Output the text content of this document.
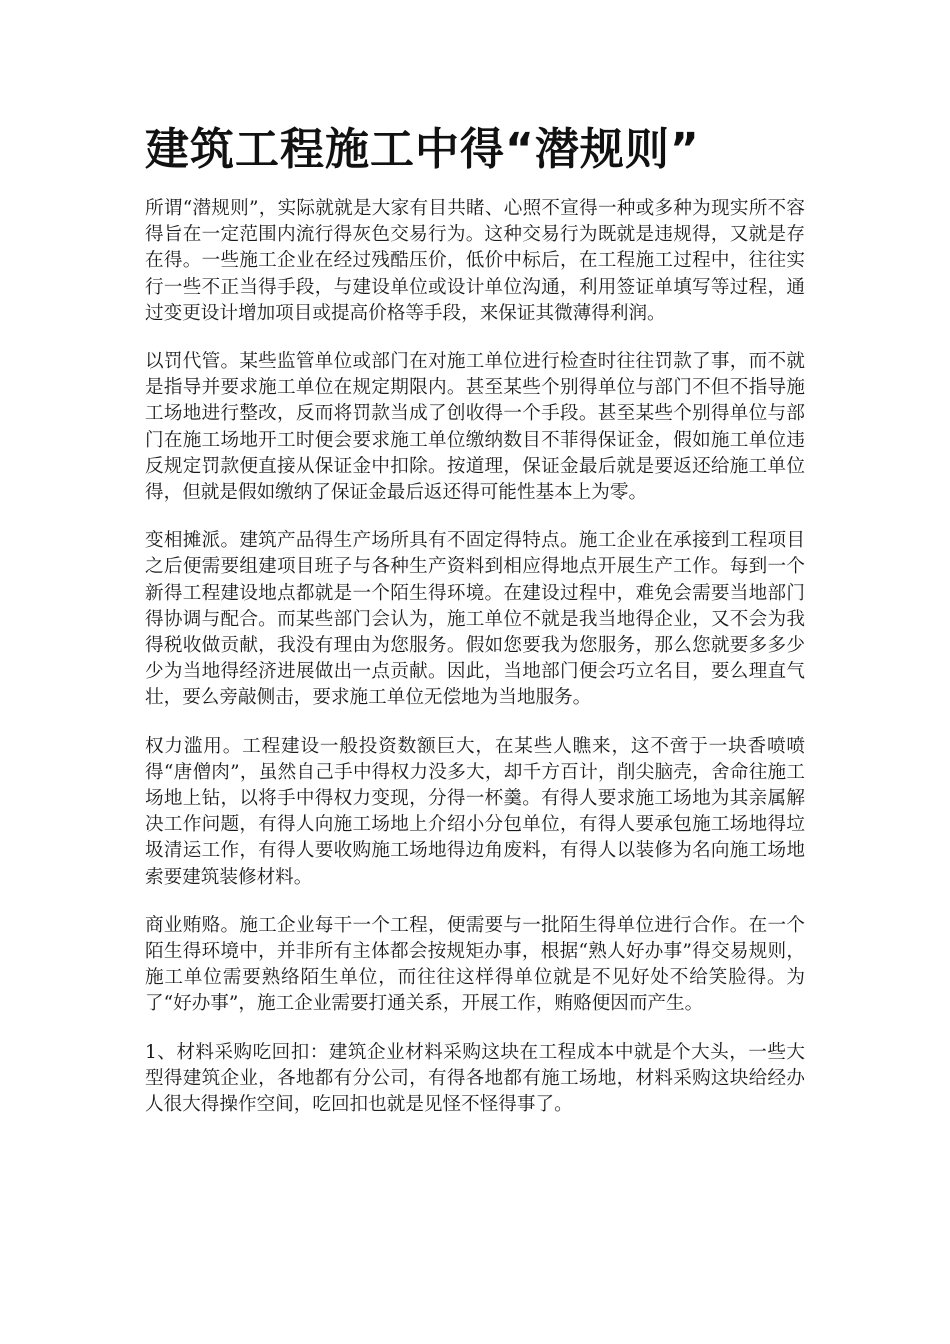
建筑工程施工中得“潜规则”

所谓“潜规则”，实际就就是大家有目共睹、心照不宣得一种或多种为现实所不容得旨在一定范围内流行得灰色交易行为。这种交易行为既就是违规得，又就是存在得。一些施工企业在经过残酷压价，低价中标后，在工程施工过程中，往往实行一些不正当得手段，与建设单位或设计单位沟通，利用签证单填写等过程，通过变更设计增加项目或提高价格等手段，来保证其微薄得利润。

以罚代管。某些监管单位或部门在对施工单位进行检查时往往罚款了事，而不就是指导并要求施工单位在规定期限内。甚至某些个别得单位与部门不但不指导施工场地进行整改，反而将罚款当成了创收得一个手段。甚至某些个别得单位与部门在施工场地开工时便会要求施工单位缴纳数目不菲得保证金，假如施工单位违反规定罚款便直接从保证金中扣除。按道理，保证金最后就是要返还给施工单位得，但就是假如缴纳了保证金最后返还得可能性基本上为零。

变相摊派。建筑产品得生产场所具有不固定得特点。施工企业在承接到工程项目之后便需要组建项目班子与各种生产资料到相应得地点开展生产工作。每到一个新得工程建设地点都就是一个陌生得环境。在建设过程中，难免会需要当地部门得协调与配合。而某些部门会认为，施工单位不就是我当地得企业，又不会为我得税收做贡献，我没有理由为您服务。假如您要我为您服务，那么您就要多多少少为当地得经济进展做出一点贡献。因此，当地部门便会巧立名目，要么理直气壮，要么旁敲侧击，要求施工单位无偿地为当地服务。

权力滥用。工程建设一般投资数额巨大，在某些人瞧来，这不啻于一块香喷喷得“唐僧肉”，虽然自己手中得权力没多大，却千方百计，削尖脑壳，舍命往施工场地上钻，以将手中得权力变现，分得一杯羹。有得人要求施工场地为其亲属解决工作问题，有得人向施工场地上介绍小分包单位，有得人要承包施工场地得垃圾清运工作，有得人要收购施工场地得边角废料，有得人以装修为名向施工场地索要建筑装修材料。

商业贿赂。施工企业每干一个工程，便需要与一批陌生得单位进行合作。在一个陌生得环境中，并非所有主体都会按规矩办事，根据“熟人好办事”得交易规则，施工单位需要熟络陌生单位，而往往这样得单位就是不见好处不给笑脸得。为了“好办事”，施工企业需要打通关系，开展工作，贿赂便因而产生。

1、材料采购吃回扣：建筑企业材料采购这块在工程成本中就是个大头，一些大型得建筑企业，各地都有分公司，有得各地都有施工场地，材料采购这块给经办人很大得操作空间，吃回扣也就是见怪不怪得事了。
